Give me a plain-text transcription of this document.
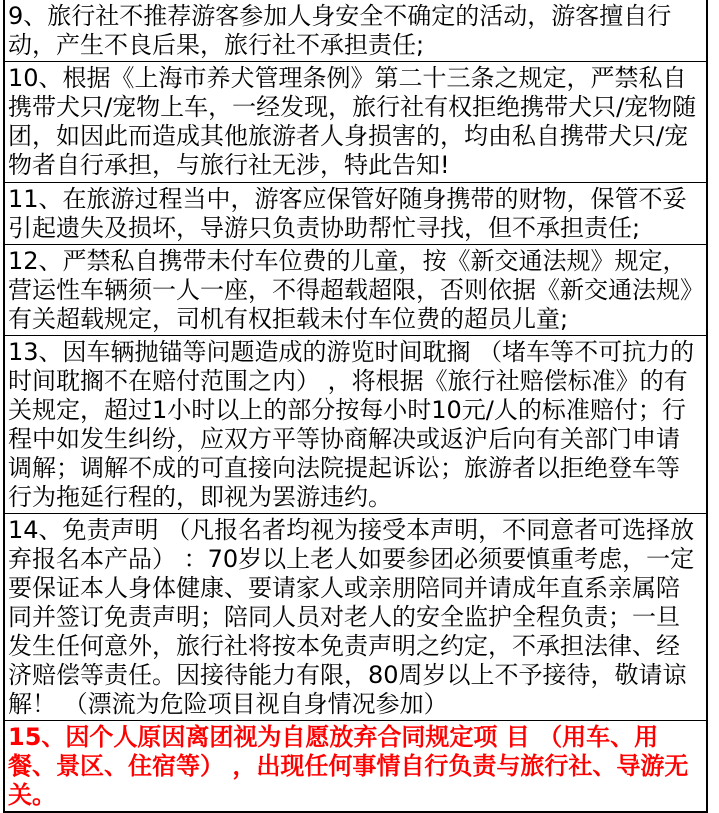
9、旅行社不推荐游客参加人身安全不确定的活动，游客擅自行动，产生不良后果，旅行社不承担责任;
10、根据《上海市养犬管理条例》第二十三条之规定，严禁私自携带犬只/宠物上车，一经发现，旅行社有权拒绝携带犬只/宠物随团，如因此而造成其他旅游者人身损害的，均由私自携带犬只/宠物者自行承担，与旅行社无涉，特此告知!
11、在旅游过程当中，游客应保管好随身携带的财物，保管不妥引起遗失及损坏，导游只负责协助帮忙寻找，但不承担责任;
12、严禁私自携带未付车位费的儿童，按《新交通法规》规定，营运性车辆须一人一座，不得超载超限，否则依据《新交通法规》有关超载规定，司机有权拒载未付车位费的超员儿童;
13、因车辆抛锚等问题造成的游览时间耽搁 （堵车等不可抗力的时间耽搁不在赔付范围之内） ，将根据《旅行社赔偿标准》的有关规定，超过1小时以上的部分按每小时10元/人的标准赔付；行程中如发生纠纷，应双方平等协商解决或返沪后向有关部门申请调解；调解不成的可直接向法院提起诉讼；旅游者以拒绝登车等行为拖延行程的，即视为罢游违约。
14、免责声明 （凡报名者均视为接受本声明，不同意者可选择放弃报名本产品） ：70岁以上老人如要参团必须要慎重考虑，一定要保证本人身体健康、要请家人或亲朋陪同并请成年直系亲属陪同并签订免责声明；陪同人员对老人的安全监护全程负责；一旦发生任何意外，旅行社将按本免责声明之约定，不承担法律、经济赔偿等责任。因接待能力有限，80周岁以上不予接待，敬请谅解！ （漂流为危险项目视自身情况参加）
15、因个人原因离团视为自愿放弃合同规定项 目 （用车、用餐、景区、住宿等） ，出现任何事情自行负责与旅行社、导游无关。
